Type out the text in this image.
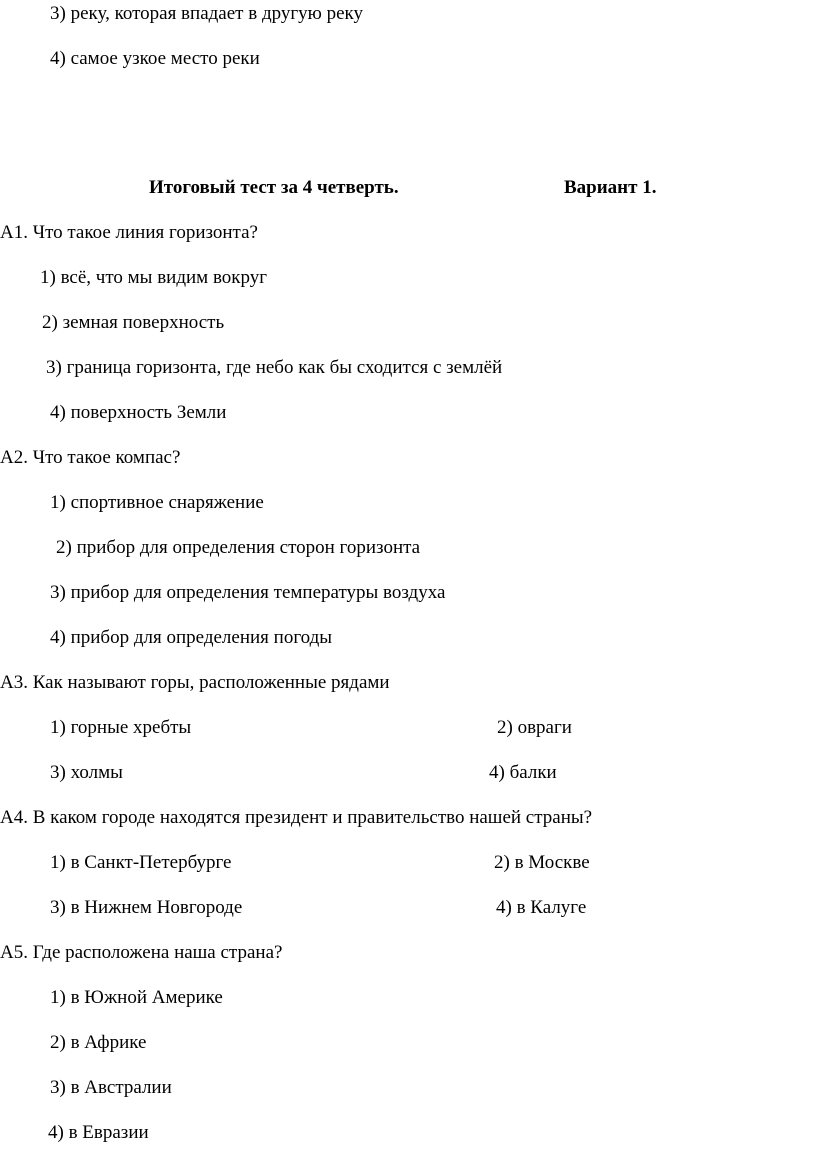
3) реку, которая впадает в другую реку
4) самое узкое место реки
Итоговый тест за 4 четверть.	Вариант 1.
А1. Что такое линия горизонта?
1) всё, что мы видим вокруг
2) земная поверхность
3) граница горизонта, где небо как бы сходится с землёй
4) поверхность Земли
А2. Что такое компас?
1) спортивное снаряжение
2) прибор для определения сторон горизонта
3) прибор для определения температуры воздуха
4) прибор для определения погоды
А3. Как называют горы, расположенные рядами
1) горные хребты	2) овраги
3) холмы	4) балки
А4. В каком городе находятся президент и правительство нашей страны?
1) в Санкт-Петербурге	2) в Москве
3) в Нижнем Новгороде	4) в Калуге
А5. Где расположена наша страна?
1) в Южной Америке
2) в Африке
3) в Австралии
4) в Евразии
